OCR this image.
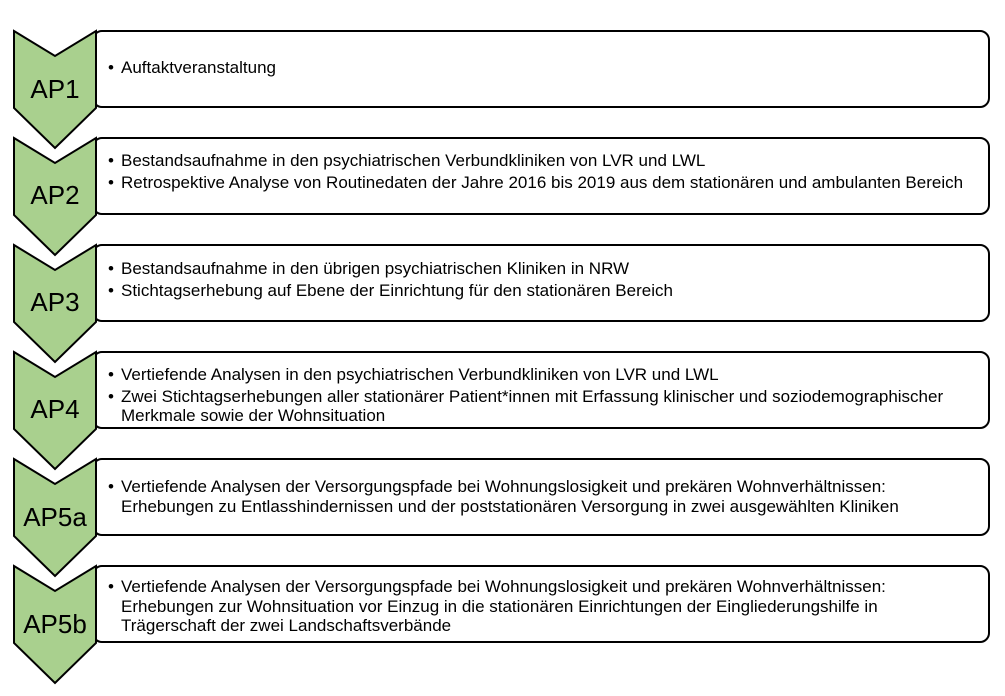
AP1
• Auftaktveranstaltung
AP2
• Bestandsaufnahme in den psychiatrischen Verbundkliniken von LVR und LWL
• Retrospektive Analyse von Routinedaten der Jahre 2016 bis 2019 aus dem stationären und ambulanten Bereich
AP3
• Bestandsaufnahme in den übrigen psychiatrischen Kliniken in NRW
• Stichtagserhebung auf Ebene der Einrichtung für den stationären Bereich
AP4
• Vertiefende Analysen in den psychiatrischen Verbundkliniken von LVR und LWL
• Zwei Stichtagserhebungen aller stationärer Patient*innen mit Erfassung klinischer und soziodemographischer Merkmale sowie der Wohnsituation
AP5a
• Vertiefende Analysen der Versorgungspfade bei Wohnungslosigkeit und prekären Wohnverhältnissen: Erhebungen zu Entlasshindernissen und der poststationären Versorgung in zwei ausgewählten Kliniken
AP5b
• Vertiefende Analysen der Versorgungspfade bei Wohnungslosigkeit und prekären Wohnverhältnissen: Erhebungen zur Wohnsituation vor Einzug in die stationären Einrichtungen der Eingliederungshilfe in Trägerschaft der zwei Landschaftsverbände
